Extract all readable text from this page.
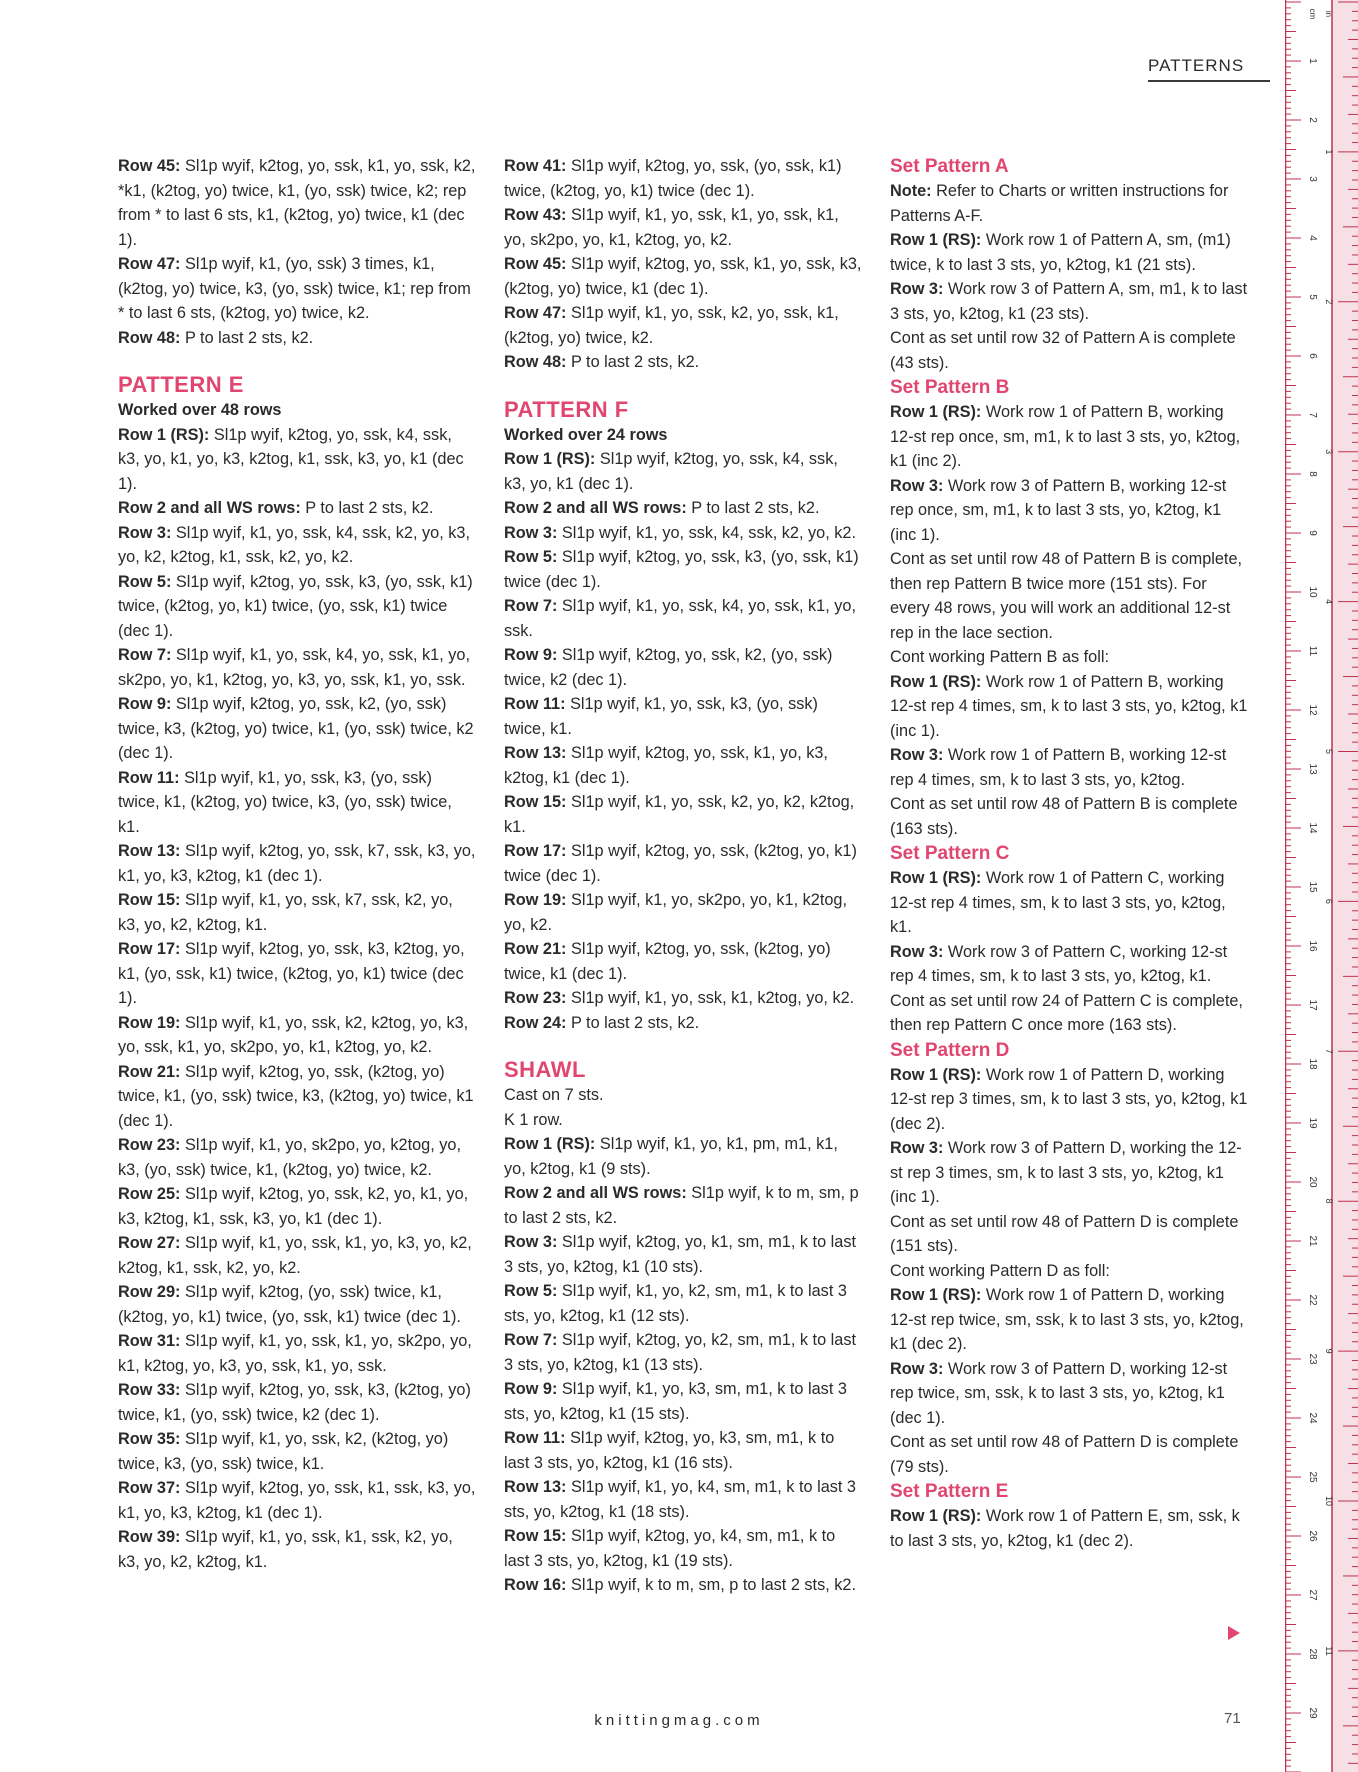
PATTERNS
Row 45: Sl1p wyif, k2tog, yo, ssk, k1, yo, ssk, k2, *k1, (k2tog, yo) twice, k1, (yo, ssk) twice, k2; rep from * to last 6 sts, k1, (k2tog, yo) twice, k1 (dec 1).
Row 47: Sl1p wyif, k1, (yo, ssk) 3 times, k1, (k2tog, yo) twice, k3, (yo, ssk) twice, k1; rep from * to last 6 sts, (k2tog, yo) twice, k2.
Row 48: P to last 2 sts, k2.
PATTERN E
Worked over 48 rows
Row 1 (RS): Sl1p wyif, k2tog, yo, ssk, k4, ssk, k3, yo, k1, yo, k3, k2tog, k1, ssk, k3, yo, k1 (dec 1).
Row 2 and all WS rows: P to last 2 sts, k2.
Row 3: Sl1p wyif, k1, yo, ssk, k4, ssk, k2, yo, k3, yo, k2, k2tog, k1, ssk, k2, yo, k2.
Row 5: Sl1p wyif, k2tog, yo, ssk, k3, (yo, ssk, k1) twice, (k2tog, yo, k1) twice, (yo, ssk, k1) twice (dec 1).
Row 7: Sl1p wyif, k1, yo, ssk, k4, yo, ssk, k1, yo, sk2po, yo, k1, k2tog, yo, k3, yo, ssk, k1, yo, ssk.
Row 9: Sl1p wyif, k2tog, yo, ssk, k2, (yo, ssk) twice, k3, (k2tog, yo) twice, k1, (yo, ssk) twice, k2 (dec 1).
Row 11: Sl1p wyif, k1, yo, ssk, k3, (yo, ssk) twice, k1, (k2tog, yo) twice, k3, (yo, ssk) twice, k1.
Row 13: Sl1p wyif, k2tog, yo, ssk, k7, ssk, k3, yo, k1, yo, k3, k2tog, k1 (dec 1).
Row 15: Sl1p wyif, k1, yo, ssk, k7, ssk, k2, yo, k3, yo, k2, k2tog, k1.
Row 17: Sl1p wyif, k2tog, yo, ssk, k3, k2tog, yo, k1, (yo, ssk, k1) twice, (k2tog, yo, k1) twice (dec 1).
Row 19: Sl1p wyif, k1, yo, ssk, k2, k2tog, yo, k3, yo, ssk, k1, yo, sk2po, yo, k1, k2tog, yo, k2.
Row 21: Sl1p wyif, k2tog, yo, ssk, (k2tog, yo) twice, k1, (yo, ssk) twice, k3, (k2tog, yo) twice, k1 (dec 1).
Row 23: Sl1p wyif, k1, yo, sk2po, yo, k2tog, yo, k3, (yo, ssk) twice, k1, (k2tog, yo) twice, k2.
Row 25: Sl1p wyif, k2tog, yo, ssk, k2, yo, k1, yo, k3, k2tog, k1, ssk, k3, yo, k1 (dec 1).
Row 27: Sl1p wyif, k1, yo, ssk, k1, yo, k3, yo, k2, k2tog, k1, ssk, k2, yo, k2.
Row 29: Sl1p wyif, k2tog, (yo, ssk) twice, k1, (k2tog, yo, k1) twice, (yo, ssk, k1) twice (dec 1).
Row 31: Sl1p wyif, k1, yo, ssk, k1, yo, sk2po, yo, k1, k2tog, yo, k3, yo, ssk, k1, yo, ssk.
Row 33: Sl1p wyif, k2tog, yo, ssk, k3, (k2tog, yo) twice, k1, (yo, ssk) twice, k2 (dec 1).
Row 35: Sl1p wyif, k1, yo, ssk, k2, (k2tog, yo) twice, k3, (yo, ssk) twice, k1.
Row 37: Sl1p wyif, k2tog, yo, ssk, k1, ssk, k3, yo, k1, yo, k3, k2tog, k1 (dec 1).
Row 39: Sl1p wyif, k1, yo, ssk, k1, ssk, k2, yo, k3, yo, k2, k2tog, k1.
Row 41: Sl1p wyif, k2tog, yo, ssk, (yo, ssk, k1) twice, (k2tog, yo, k1) twice (dec 1).
Row 43: Sl1p wyif, k1, yo, ssk, k1, yo, ssk, k1, yo, sk2po, yo, k1, k2tog, yo, k2.
Row 45: Sl1p wyif, k2tog, yo, ssk, k1, yo, ssk, k3, (k2tog, yo) twice, k1 (dec 1).
Row 47: Sl1p wyif, k1, yo, ssk, k2, yo, ssk, k1, (k2tog, yo) twice, k2.
Row 48: P to last 2 sts, k2.
PATTERN F
Worked over 24 rows
Row 1 (RS): Sl1p wyif, k2tog, yo, ssk, k4, ssk, k3, yo, k1 (dec 1).
Row 2 and all WS rows: P to last 2 sts, k2.
Row 3: Sl1p wyif, k1, yo, ssk, k4, ssk, k2, yo, k2.
Row 5: Sl1p wyif, k2tog, yo, ssk, k3, (yo, ssk, k1) twice (dec 1).
Row 7: Sl1p wyif, k1, yo, ssk, k4, yo, ssk, k1, yo, ssk.
Row 9: Sl1p wyif, k2tog, yo, ssk, k2, (yo, ssk) twice, k2 (dec 1).
Row 11: Sl1p wyif, k1, yo, ssk, k3, (yo, ssk) twice, k1.
Row 13: Sl1p wyif, k2tog, yo, ssk, k1, yo, k3, k2tog, k1 (dec 1).
Row 15: Sl1p wyif, k1, yo, ssk, k2, yo, k2, k2tog, k1.
Row 17: Sl1p wyif, k2tog, yo, ssk, (k2tog, yo, k1) twice (dec 1).
Row 19: Sl1p wyif, k1, yo, sk2po, yo, k1, k2tog, yo, k2.
Row 21: Sl1p wyif, k2tog, yo, ssk, (k2tog, yo) twice, k1 (dec 1).
Row 23: Sl1p wyif, k1, yo, ssk, k1, k2tog, yo, k2.
Row 24: P to last 2 sts, k2.
SHAWL
Cast on 7 sts.
K 1 row.
Row 1 (RS): Sl1p wyif, k1, yo, k1, pm, m1, k1, yo, k2tog, k1 (9 sts).
Row 2 and all WS rows: Sl1p wyif, k to m, sm, p to last 2 sts, k2.
Row 3: Sl1p wyif, k2tog, yo, k1, sm, m1, k to last 3 sts, yo, k2tog, k1 (10 sts).
Row 5: Sl1p wyif, k1, yo, k2, sm, m1, k to last 3 sts, yo, k2tog, k1 (12 sts).
Row 7: Sl1p wyif, k2tog, yo, k2, sm, m1, k to last 3 sts, yo, k2tog, k1 (13 sts).
Row 9: Sl1p wyif, k1, yo, k3, sm, m1, k to last 3 sts, yo, k2tog, k1 (15 sts).
Row 11: Sl1p wyif, k2tog, yo, k3, sm, m1, k to last 3 sts, yo, k2tog, k1 (16 sts).
Row 13: Sl1p wyif, k1, yo, k4, sm, m1, k to last 3 sts, yo, k2tog, k1 (18 sts).
Row 15: Sl1p wyif, k2tog, yo, k4, sm, m1, k to last 3 sts, yo, k2tog, k1 (19 sts).
Row 16: Sl1p wyif, k to m, sm, p to last 2 sts, k2.
Set Pattern A
Note: Refer to Charts or written instructions for Patterns A-F.
Row 1 (RS): Work row 1 of Pattern A, sm, (m1) twice, k to last 3 sts, yo, k2tog, k1 (21 sts).
Row 3: Work row 3 of Pattern A, sm, m1, k to last 3 sts, yo, k2tog, k1 (23 sts).
Cont as set until row 32 of Pattern A is complete (43 sts).
Set Pattern B
Row 1 (RS): Work row 1 of Pattern B, working 12-st rep once, sm, m1, k to last 3 sts, yo, k2tog, k1 (inc 2).
Row 3: Work row 3 of Pattern B, working 12-st rep once, sm, m1, k to last 3 sts, yo, k2tog, k1 (inc 1).
Cont as set until row 48 of Pattern B is complete, then rep Pattern B twice more (151 sts). For every 48 rows, you will work an additional 12-st rep in the lace section.
Cont working Pattern B as foll:
Row 1 (RS): Work row 1 of Pattern B, working 12-st rep 4 times, sm, k to last 3 sts, yo, k2tog, k1 (inc 1).
Row 3: Work row 1 of Pattern B, working 12-st rep 4 times, sm, k to last 3 sts, yo, k2tog.
Cont as set until row 48 of Pattern B is complete (163 sts).
Set Pattern C
Row 1 (RS): Work row 1 of Pattern C, working 12-st rep 4 times, sm, k to last 3 sts, yo, k2tog, k1.
Row 3: Work row 3 of Pattern C, working 12-st rep 4 times, sm, k to last 3 sts, yo, k2tog, k1.
Cont as set until row 24 of Pattern C is complete, then rep Pattern C once more (163 sts).
Set Pattern D
Row 1 (RS): Work row 1 of Pattern D, working 12-st rep 3 times, sm, k to last 3 sts, yo, k2tog, k1 (dec 2).
Row 3: Work row 3 of Pattern D, working the 12-st rep 3 times, sm, k to last 3 sts, yo, k2tog, k1 (inc 1).
Cont as set until row 48 of Pattern D is complete (151 sts).
Cont working Pattern D as foll:
Row 1 (RS): Work row 1 of Pattern D, working 12-st rep twice, sm, ssk, k to last 3 sts, yo, k2tog, k1 (dec 2).
Row 3: Work row 3 of Pattern D, working 12-st rep twice, sm, ssk, k to last 3 sts, yo, k2tog, k1 (dec 1).
Cont as set until row 48 of Pattern D is complete (79 sts).
Set Pattern E
Row 1 (RS): Work row 1 of Pattern E, sm, ssk, k to last 3 sts, yo, k2tog, k1 (dec 2).
knittingmag.com	71
1
2
3
4
5
6
7
8
9
10
11
12
13
14
15
16
17
18
19
20
21
22
23
24
25
26
27
28
29
cm
1
2
3
4
5
6
7
8
9
10
11
in
